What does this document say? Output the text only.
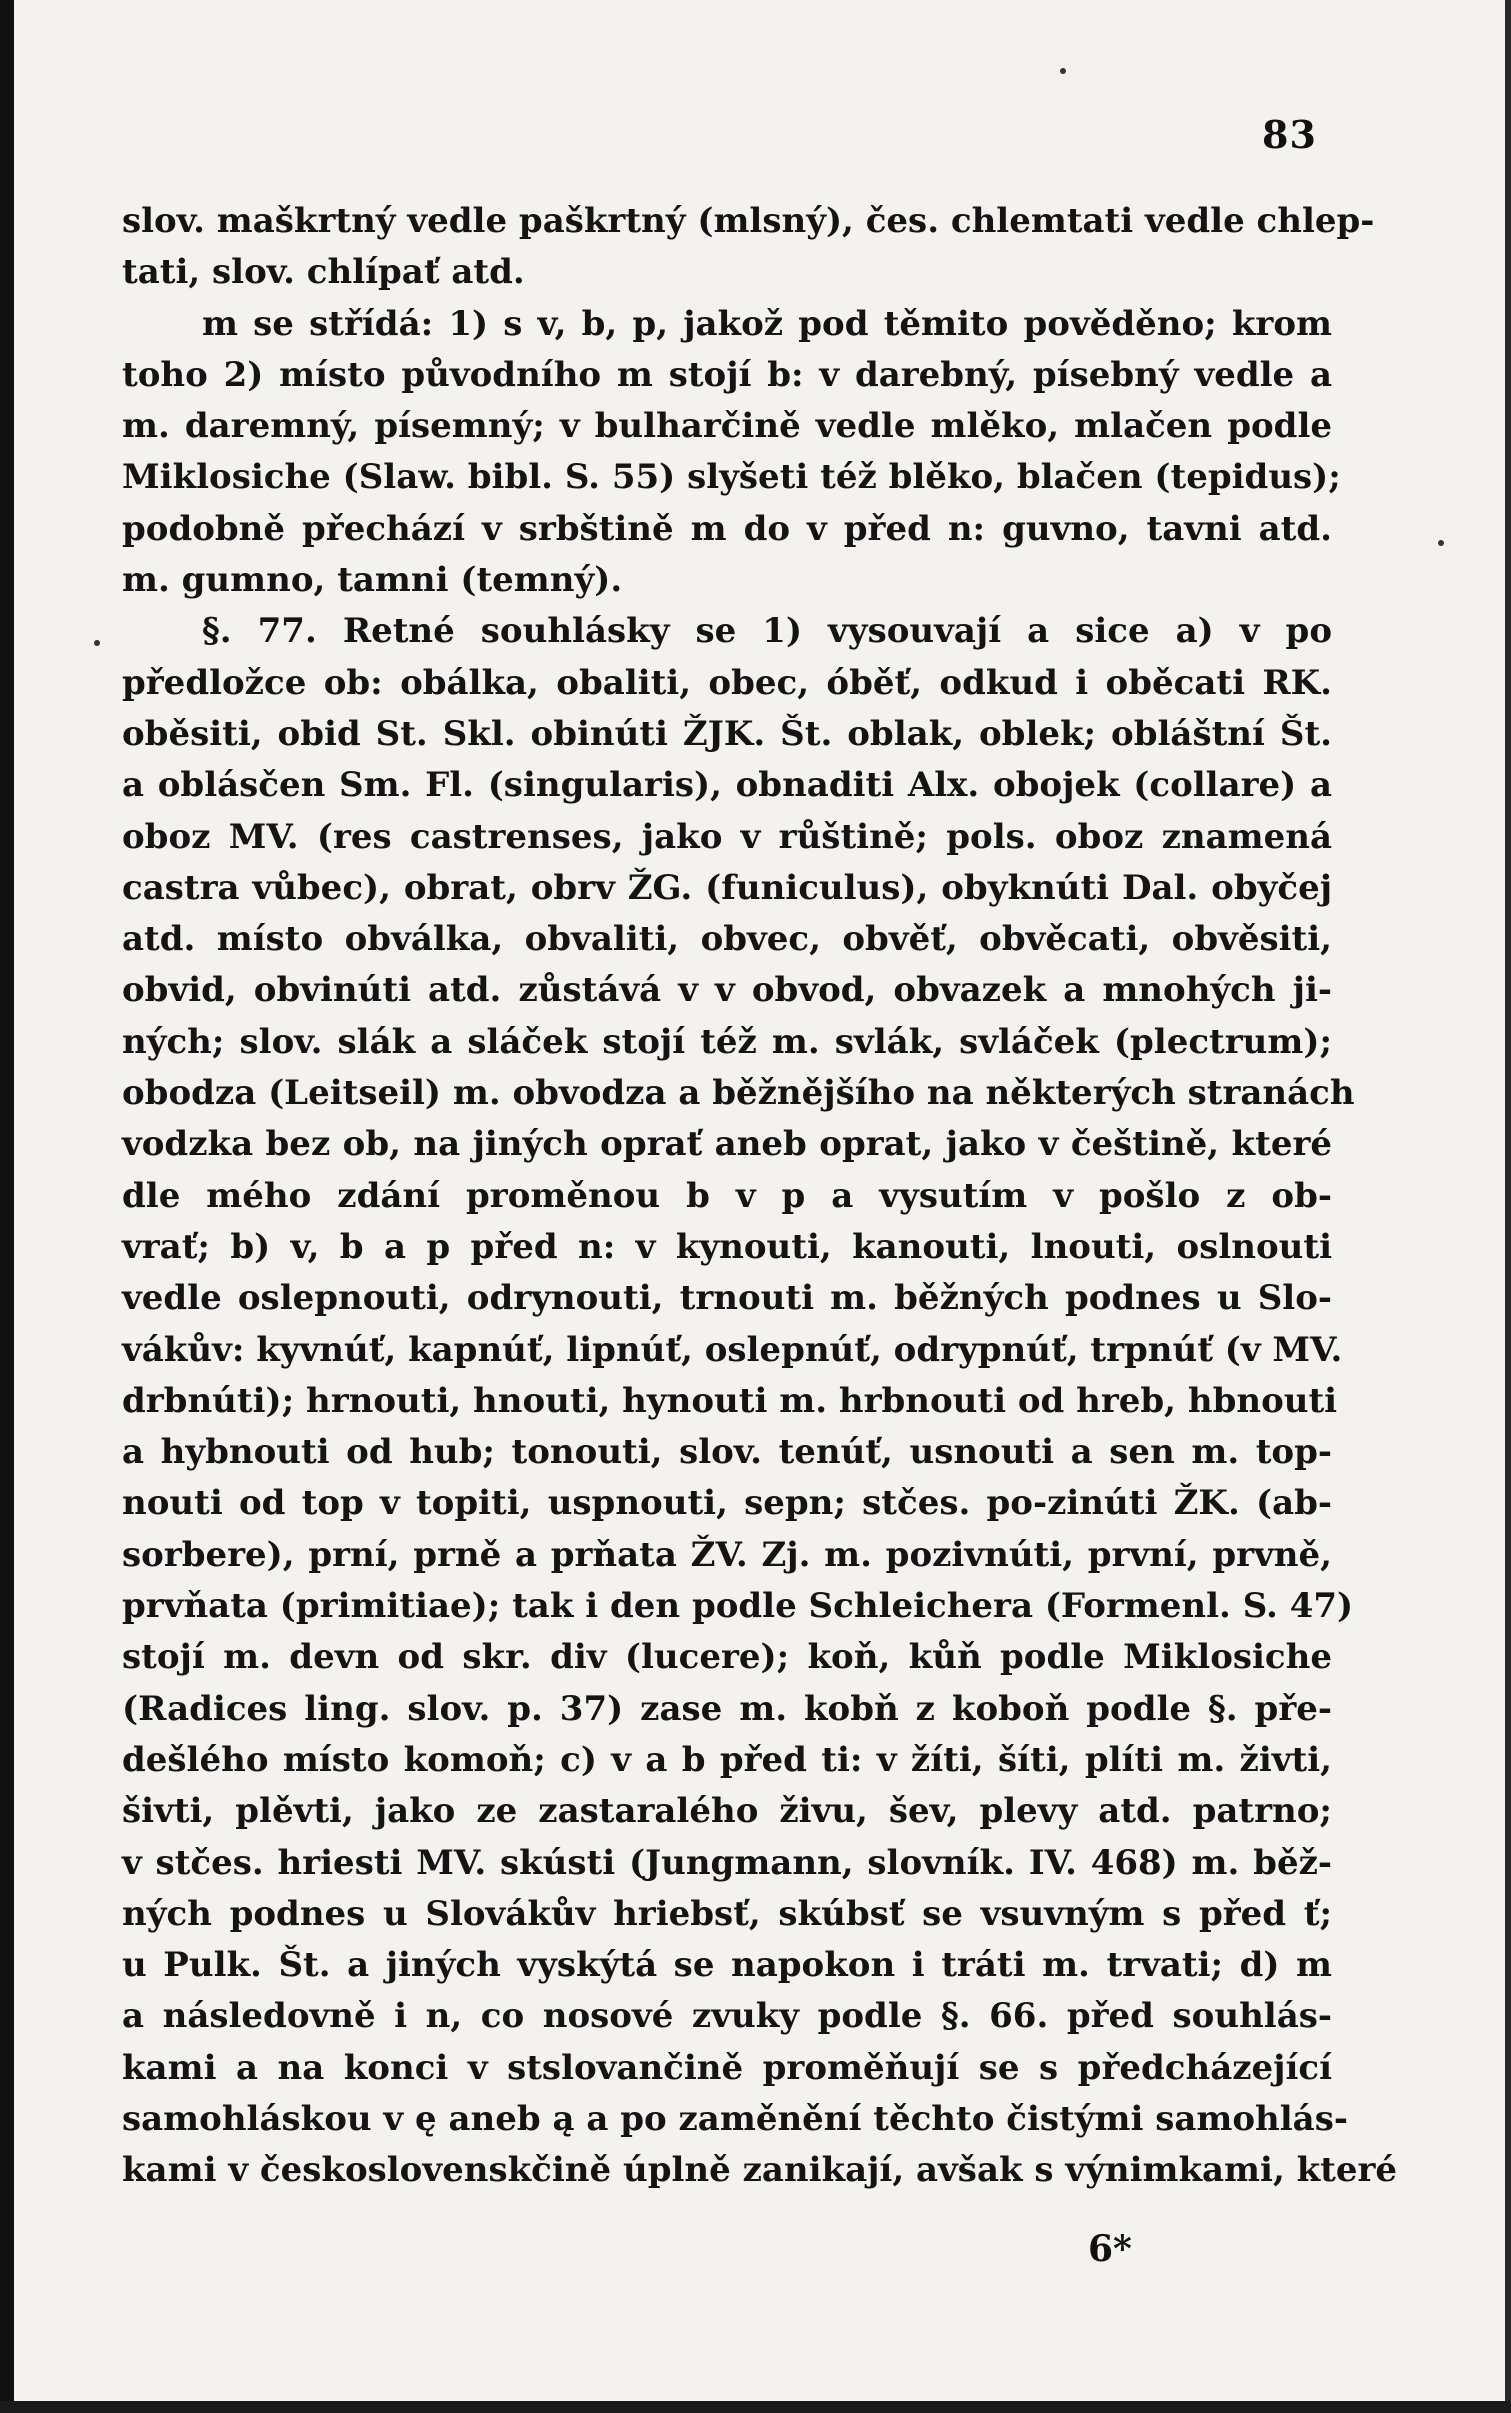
83
slov. maškrtný vedle paškrtný (mlsný), čes. chlemtati vedle chlep-
tati, slov. chlípať atd.
m se střídá: 1) s v, b, p, jakož pod těmito pověděno; krom
toho 2) místo původního m stojí b: v darebný, písebný vedle a
m. daremný, písemný; v bulharčině vedle mlěko, mlačen podle
Miklosiche (Slaw. bibl. S. 55) slyšeti též blěko, blačen (tepidus);
podobně přechází v srbštině m do v před n: guvno, tavni atd.
m. gumno, tamni (temný).
§. 77. Retné souhlásky se 1) vysouvají a sice a) v po
předložce ob: obálka, obaliti, obec, óběť, odkud i oběcati RK.
oběsiti, obid St. Skl. obinúti ŽJK. Št. oblak, oblek; obláštní Št.
a oblásčen Sm. Fl. (singularis), obnaditi Alx. obojek (collare) a
oboz MV. (res castrenses, jako v růštině; pols. oboz znamená
castra vůbec), obrat, obrv ŽG. (funiculus), obyknúti Dal. obyčej
atd. místo obválka, obvaliti, obvec, obvěť, obvěcati, obvěsiti,
obvid, obvinúti atd. zůstává v v obvod, obvazek a mnohých ji-
ných; slov. slák a sláček stojí též m. svlák, svláček (plectrum);
obodza (Leitseil) m. obvodza a běžnějšího na některých stranách
vodzka bez ob, na jiných oprať aneb oprat, jako v češtině, které
dle mého zdání proměnou b v p a vysutím v pošlo z ob-
vrať; b) v, b a p před n: v kynouti, kanouti, lnouti, oslnouti
vedle oslepnouti, odrynouti, trnouti m. běžných podnes u Slo-
vákův: kyvnúť, kapnúť, lipnúť, oslepnúť, odrypnúť, trpnúť (v MV.
drbnúti); hrnouti, hnouti, hynouti m. hrbnouti od hreb, hbnouti
a hybnouti od hub; tonouti, slov. tenúť, usnouti a sen m. top-
nouti od top v topiti, uspnouti, sepn; stčes. po-zinúti ŽK. (ab-
sorbere), prní, prně a prňata ŽV. Zj. m. pozivnúti, první, prvně,
prvňata (primitiae); tak i den podle Schleichera (Formenl. S. 47)
stojí m. devn od skr. div (lucere); koň, kůň podle Miklosiche
(Radices ling. slov. p. 37) zase m. kobň z koboň podle §. pře-
dešlého místo komoň; c) v a b před ti: v žíti, šíti, plíti m. živti,
šivti, plěvti, jako ze zastaralého živu, šev, plevy atd. patrno;
v stčes. hriesti MV. skústi (Jungmann, slovník. IV. 468) m. běž-
ných podnes u Slovákův hriebsť, skúbsť se vsuvným s před ť;
u Pulk. Št. a jiných vyskýtá se napokon i tráti m. trvati; d) m
a následovně i n, co nosové zvuky podle §. 66. před souhlás-
kami a na konci v stslovančině proměňují se s předcházející
samohláskou v ę aneb ą a po zaměnění těchto čistými samohlás-
kami v československčině úplně zanikají, avšak s výnimkami, které
6*
